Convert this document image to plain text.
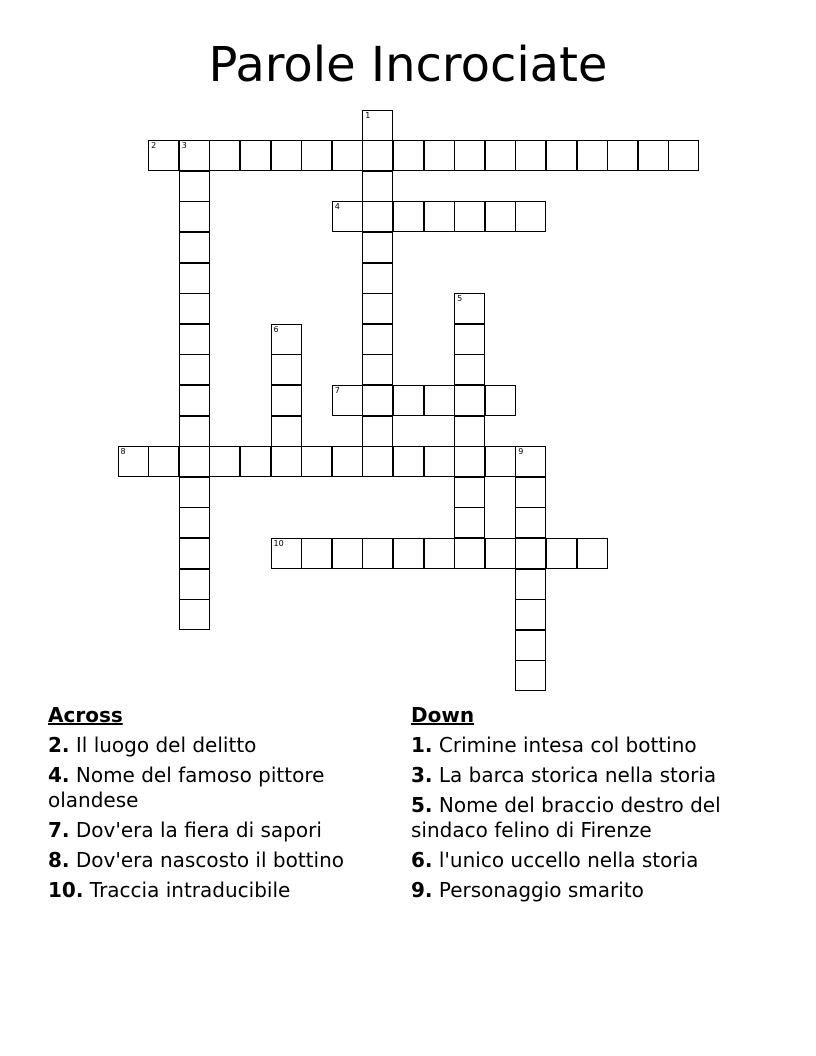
Parole Incrociate
1
2	3
4
5
6
7
8	9
10
Across
2. Il luogo del delitto
4. Nome del famoso pittore olandese
7. Dov'era la fiera di sapori
8. Dov'era nascosto il bottino
10. Traccia intraducibile
Down
1. Crimine intesa col bottino
3. La barca storica nella storia
5. Nome del braccio destro del sindaco felino di Firenze
6. l'unico uccello nella storia
9. Personaggio smarito
